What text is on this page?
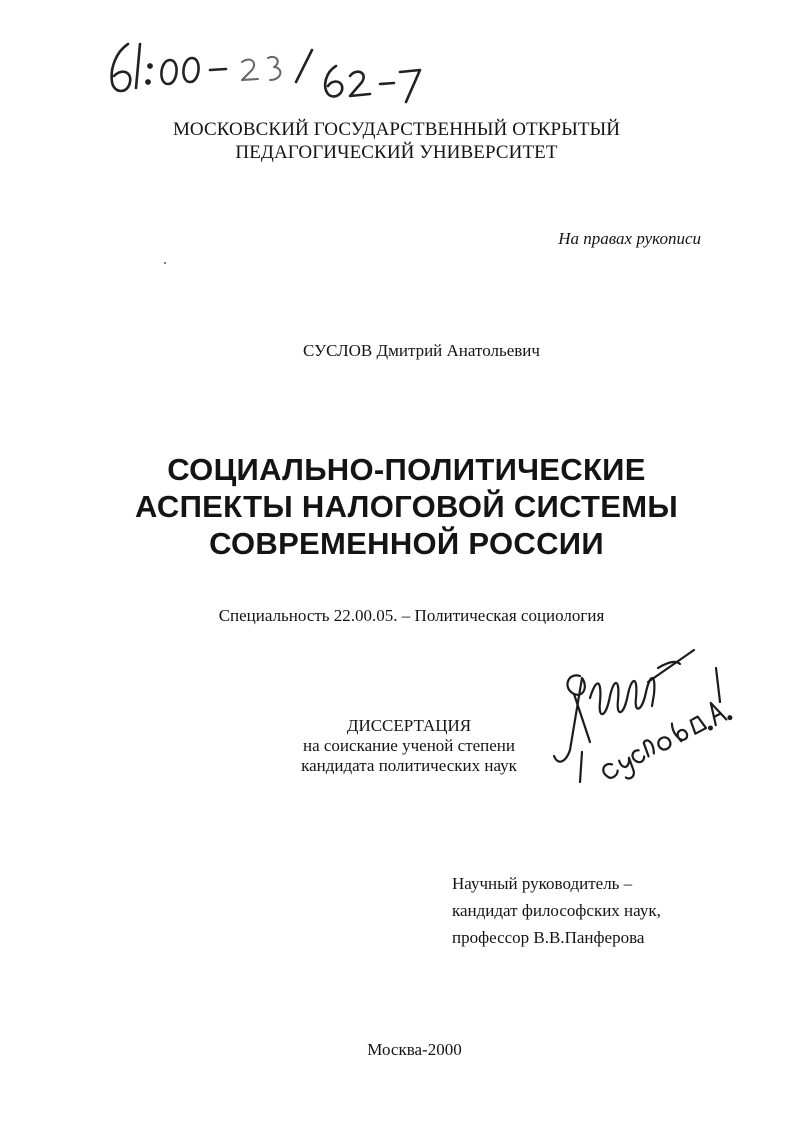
МОСКОВСКИЙ ГОСУДАРСТВЕННЫЙ ОТКРЫТЫЙ
ПЕДАГОГИЧЕСКИЙ УНИВЕРСИТЕТ
На правах рукописи
СУСЛОВ Дмитрий Анатольевич
СОЦИАЛЬНО-ПОЛИТИЧЕСКИЕ
АСПЕКТЫ НАЛОГОВОЙ СИСТЕМЫ
СОВРЕМЕННОЙ РОССИИ
Специальность 22.00.05. – Политическая социология
ДИССЕРТАЦИЯ
на соискание ученой степени
кандидата политических наук
Научный руководитель –
кандидат философских наук,
профессор В.В.Панферова
Москва-2000
